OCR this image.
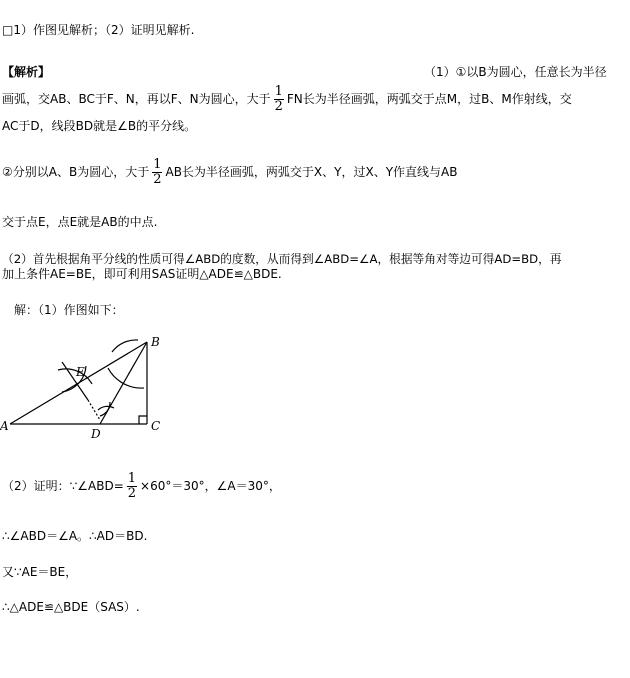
□1）作图见解析；（2）证明见解析.
【解析】	（1）①以B为圆心，任意长为半径
画弧，交AB、BC于F、N，再以F、N为圆心，大于 $\frac{1}{2}$ FN长为半径画弧，两弧交于点M，过B、M作射线，交
AC于D，线段BD就是∠B的平分线。
②分别以A、B为圆心，大于 $\frac{1}{2}$ AB长为半径画弧，两弧交于X、Y，过X、Y作直线与AB
交于点E，点E就是AB的中点.
（2）首先根据角平分线的性质可得∠ABD的度数，从而得到∠ABD=∠A，根据等角对等边可得AD=BD，再
加上条件AE=BE，即可利用SAS证明△ADE≌△BDE.
解：（1）作图如下：
A
B
C
D
E
（2）证明：∵∠ABD= $\frac{1}{2} \times 60^\circ=30^\circ$，∠A＝30°，
∴∠ABD＝∠A。∴AD＝BD.
又∵AE＝BE，
∴△ADE≌△BDE（SAS）.
